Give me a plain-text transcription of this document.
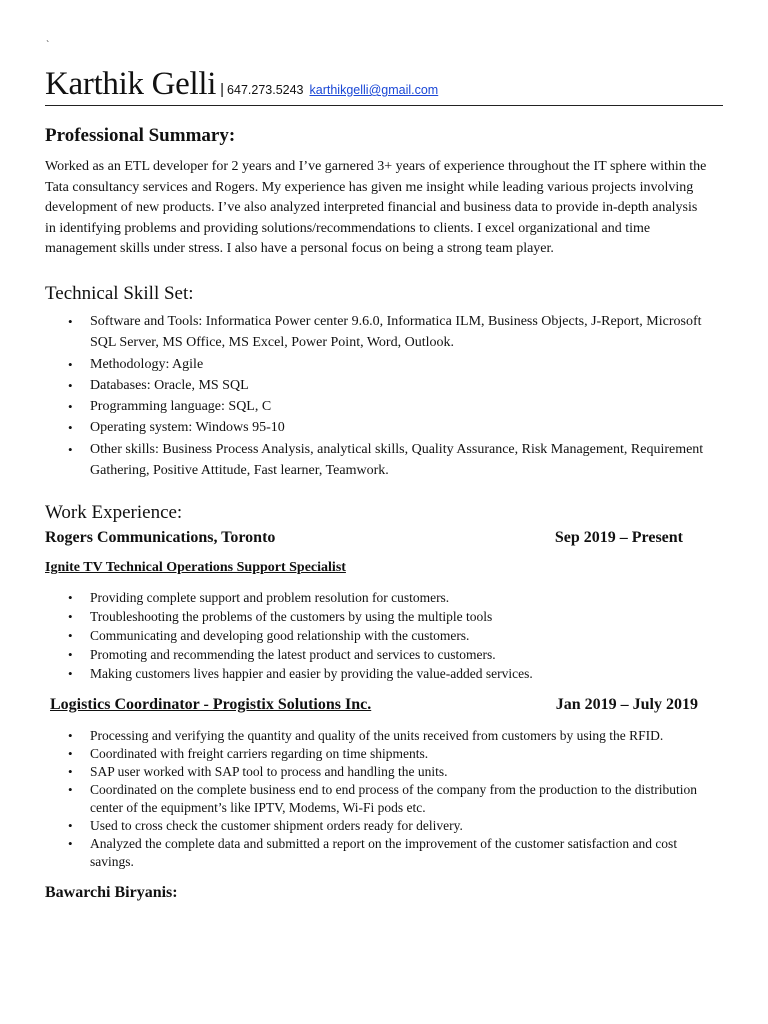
`
Karthik Gelli | 647.273.5243 karthikgelli@gmail.com
Professional Summary:

Worked as an ETL developer for 2 years and I’ve garnered 3+ years of experience throughout the IT sphere within the Tata consultancy services and Rogers. My experience has given me insight while leading various projects involving development of new products. I’ve also analyzed interpreted financial and business data to provide in-depth analysis in identifying problems and providing solutions/recommendations to clients. I excel organizational and time management skills under stress. I also have a personal focus on being a strong team player.

Technical Skill Set:
• Software and Tools: Informatica Power center 9.6.0, Informatica ILM, Business Objects, J-Report, Microsoft SQL Server, MS Office, MS Excel, Power Point, Word, Outlook.
• Methodology: Agile
• Databases: Oracle, MS SQL
• Programming language: SQL, C
• Operating system: Windows 95-10
• Other skills: Business Process Analysis, analytical skills, Quality Assurance, Risk Management, Requirement Gathering, Positive Attitude, Fast learner, Teamwork.
Work Experience:
Rogers Communications, Toronto	Sep 2019 – Present
Ignite TV Technical Operations Support Specialist
• Providing complete support and problem resolution for customers.
• Troubleshooting the problems of the customers by using the multiple tools
• Communicating and developing good relationship with the customers.
• Promoting and recommending the latest product and services to customers.
• Making customers lives happier and easier by providing the value-added services.
Logistics Coordinator - Progistix Solutions Inc.	Jan 2019 – July 2019
• Processing and verifying the quantity and quality of the units received from customers by using the RFID.
• Coordinated with freight carriers regarding on time shipments.
• SAP user worked with SAP tool to process and handling the units.
• Coordinated on the complete business end to end process of the company from the production to the distribution center of the equipment’s like IPTV, Modems, Wi-Fi pods etc.
• Used to cross check the customer shipment orders ready for delivery.
• Analyzed the complete data and submitted a report on the improvement of the customer satisfaction and cost savings.
Bawarchi Biryanis:
